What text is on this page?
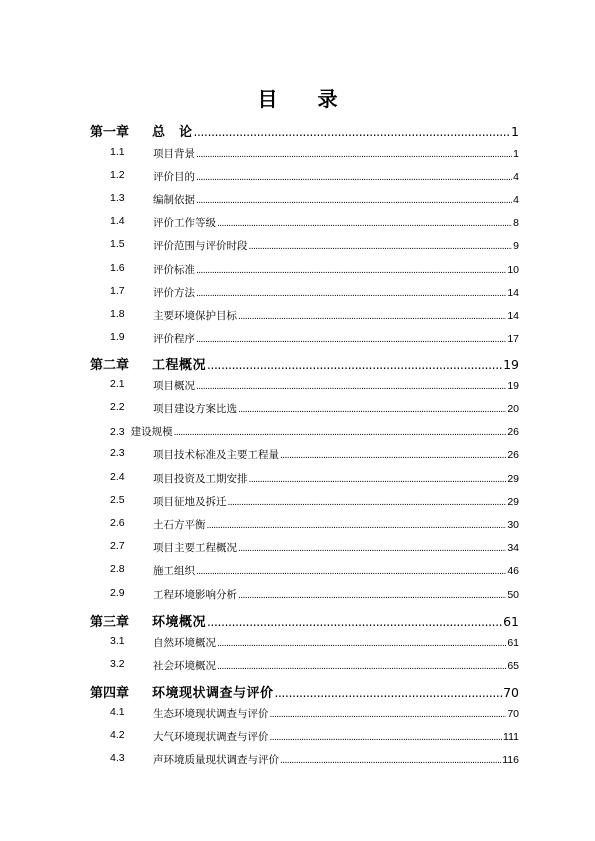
目 录
第一章 总　论 .....	1
1.1	项目背景 .....	1
1.2	评价目的 .....	4
1.3	编制依据 .....	4
1.4	评价工作等级 .....	8
1.5	评价范围与评价时段 .....	9
1.6	评价标准 .....	10
1.7	评价方法 .....	14
1.8	主要环境保护目标 .....	14
1.9	评价程序 .....	17
第二章 工程概况 .....	19
2.1	项目概况 .....	19
2.2	项目建设方案比选 .....	20
2.3 建设规模 .....	26
2.3	项目技术标准及主要工程量 .....	26
2.4	项目投资及工期安排 .....	29
2.5	项目征地及拆迁 .....	29
2.6	土石方平衡 .....	30
2.7	项目主要工程概况 .....	34
2.8	施工组织 .....	46
2.9	工程环境影响分析 .....	50
第三章 环境概况 .....	61
3.1	自然环境概况 .....	61
3.2	社会环境概况 .....	65
第四章 环境现状调查与评价 .....	70
4.1	生态环境现状调查与评价 .....	70
4.2	大气环境现状调查与评价 .....	111
4.3	声环境质量现状调查与评价 .....	116
